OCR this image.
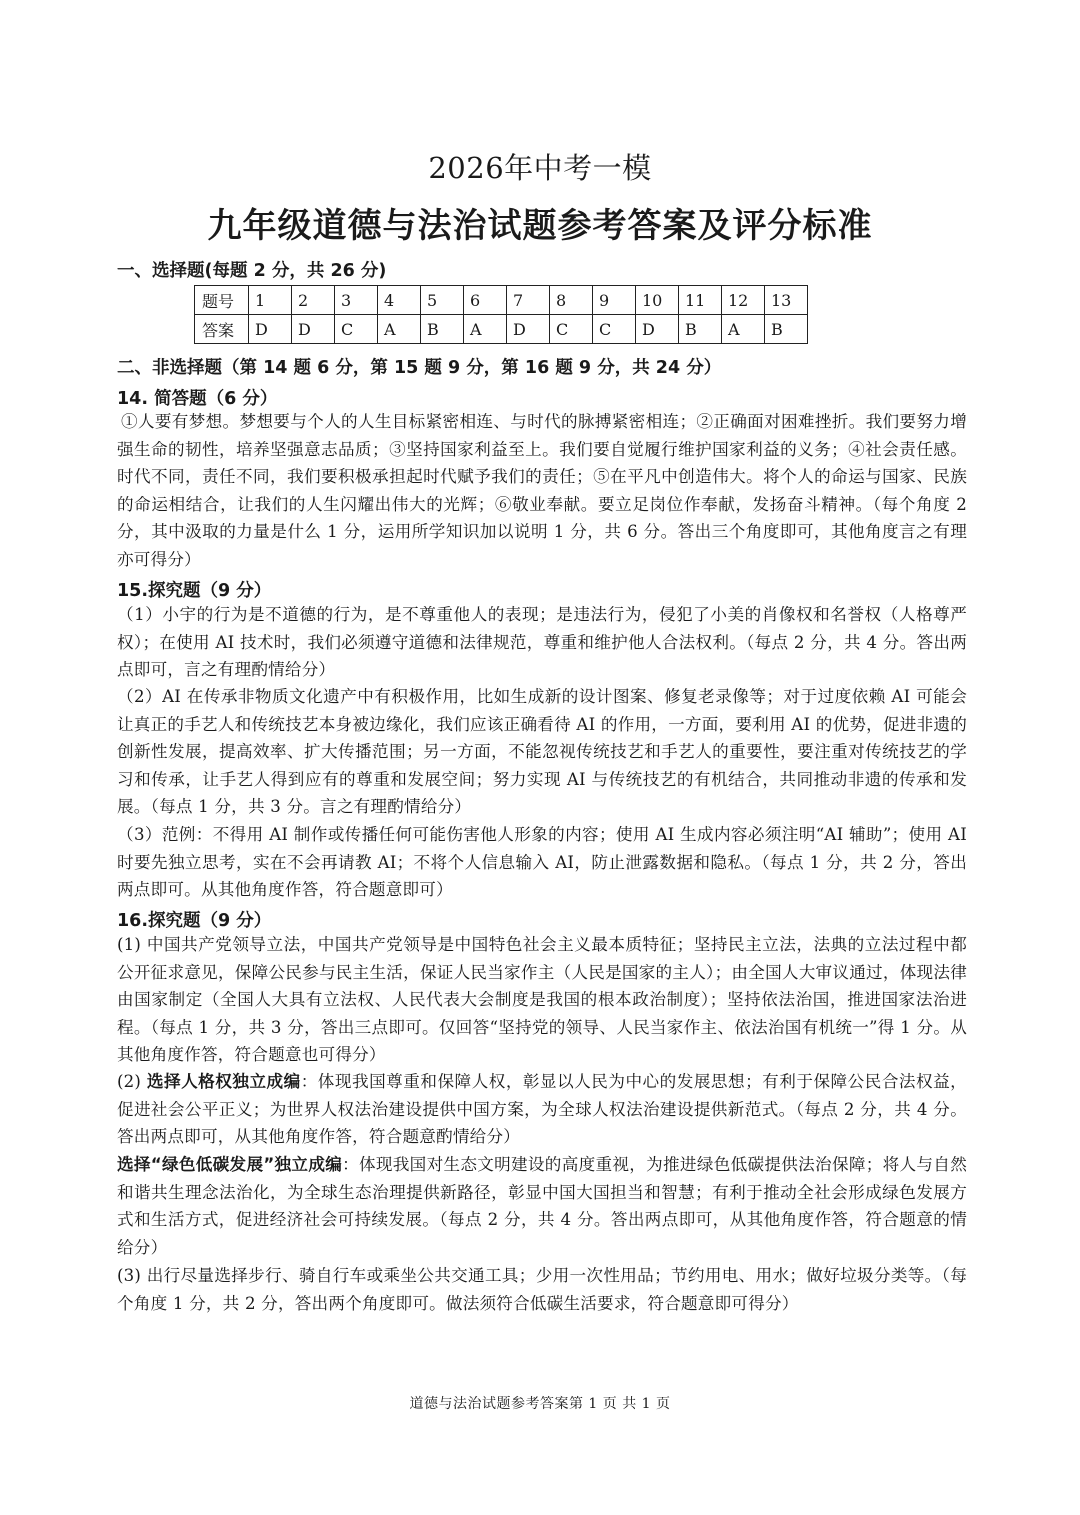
2026年中考一模
九年级道德与法治试题参考答案及评分标准
一、选择题(每题 2 分，共 26 分)
题号	1	2	3	4	5	6	7	8	9	10	11	12	13
答案	D	D	C	A	B	A	D	C	C	D	B	A	B
二、非选择题（第 14 题 6 分，第 15 题 9 分，第 16 题 9 分，共 24 分）
14. 简答题（6 分）
①人要有梦想。梦想要与个人的人生目标紧密相连、与时代的脉搏紧密相连；②正确面对困难挫折。我们要努力增强生命的韧性，培养坚强意志品质；③坚持国家利益至上。我们要自觉履行维护国家利益的义务；④社会责任感。时代不同，责任不同，我们要积极承担起时代赋予我们的责任；⑤在平凡中创造伟大。将个人的命运与国家、民族的命运相结合，让我们的人生闪耀出伟大的光辉；⑥敬业奉献。要立足岗位作奉献，发扬奋斗精神。（每个角度 2 分，其中汲取的力量是什么 1 分，运用所学知识加以说明 1 分，共 6 分。答出三个角度即可，其他角度言之有理亦可得分）
15.探究题（9 分）
（1）小宇的行为是不道德的行为，是不尊重他人的表现；是违法行为，侵犯了小美的肖像权和名誉权（人格尊严权）；在使用 AI 技术时，我们必须遵守道德和法律规范，尊重和维护他人合法权利。（每点 2 分，共 4 分。答出两点即可，言之有理酌情给分）
（2）AI 在传承非物质文化遗产中有积极作用，比如生成新的设计图案、修复老录像等；对于过度依赖 AI 可能会让真正的手艺人和传统技艺本身被边缘化，我们应该正确看待 AI 的作用，一方面，要利用 AI 的优势，促进非遗的创新性发展，提高效率、扩大传播范围；另一方面，不能忽视传统技艺和手艺人的重要性，要注重对传统技艺的学习和传承，让手艺人得到应有的尊重和发展空间；努力实现 AI 与传统技艺的有机结合，共同推动非遗的传承和发展。（每点 1 分，共 3 分。言之有理酌情给分）
（3）范例：不得用 AI 制作或传播任何可能伤害他人形象的内容；使用 AI 生成内容必须注明“AI 辅助”；使用 AI 时要先独立思考，实在不会再请教 AI；不将个人信息输入 AI，防止泄露数据和隐私。（每点 1 分，共 2 分，答出两点即可。从其他角度作答，符合题意即可）
16.探究题（9 分）
(1) 中国共产党领导立法，中国共产党领导是中国特色社会主义最本质特征；坚持民主立法，法典的立法过程中都公开征求意见，保障公民参与民主生活，保证人民当家作主（人民是国家的主人）；由全国人大审议通过，体现法律由国家制定（全国人大具有立法权、人民代表大会制度是我国的根本政治制度）；坚持依法治国，推进国家法治进程。（每点 1 分，共 3 分，答出三点即可。仅回答“坚持党的领导、人民当家作主、依法治国有机统一”得 1 分。从其他角度作答，符合题意也可得分）
(2) 选择人格权独立成编：体现我国尊重和保障人权，彰显以人民为中心的发展思想；有利于保障公民合法权益，促进社会公平正义；为世界人权法治建设提供中国方案，为全球人权法治建设提供新范式。（每点 2 分，共 4 分。答出两点即可，从其他角度作答，符合题意酌情给分）
选择“绿色低碳发展”独立成编：体现我国对生态文明建设的高度重视，为推进绿色低碳提供法治保障；将人与自然和谐共生理念法治化，为全球生态治理提供新路径，彰显中国大国担当和智慧；有利于推动全社会形成绿色发展方式和生活方式，促进经济社会可持续发展。（每点 2 分，共 4 分。答出两点即可，从其他角度作答，符合题意的情给分）
(3) 出行尽量选择步行、骑自行车或乘坐公共交通工具；少用一次性用品；节约用电、用水；做好垃圾分类等。（每个角度 1 分，共 2 分，答出两个角度即可。做法须符合低碳生活要求，符合题意即可得分）
道德与法治试题参考答案第 1 页 共 1 页
